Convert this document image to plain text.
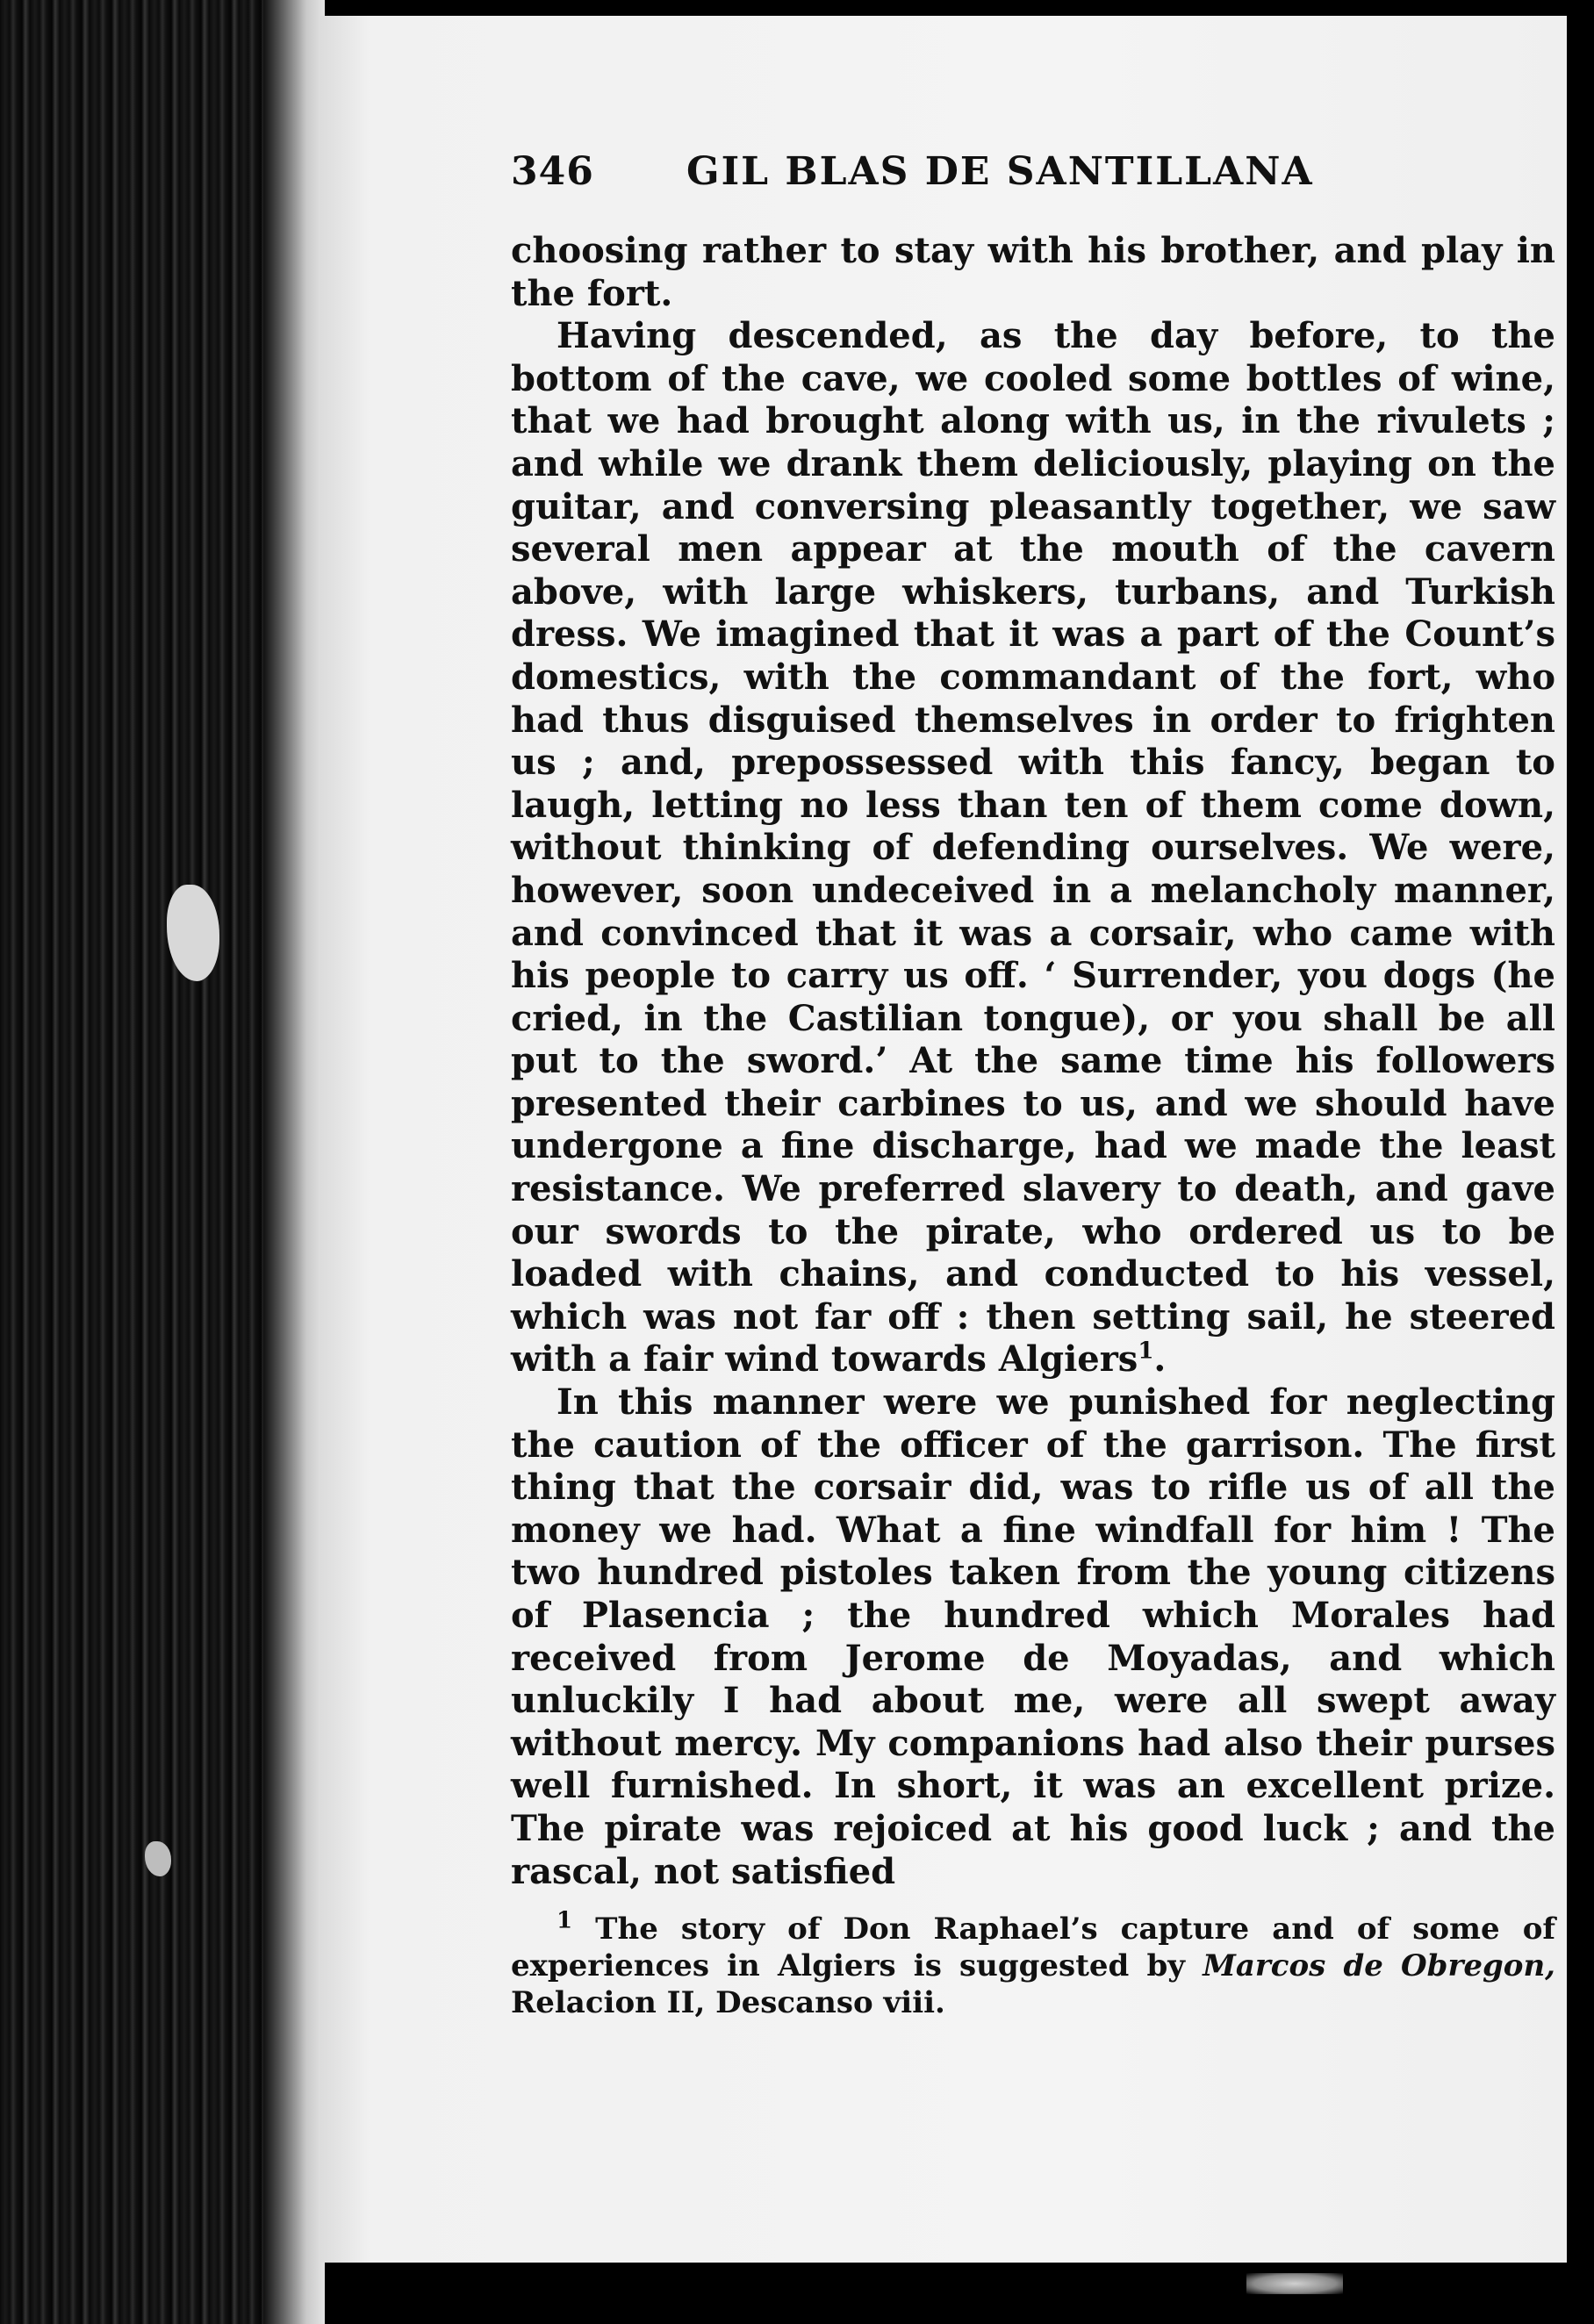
346	GIL BLAS DE SANTILLANA

choosing rather to stay with his brother, and play in the fort.

Having descended, as the day before, to the bottom of the cave, we cooled some bottles of wine, that we had brought along with us, in the rivulets ; and while we drank them deliciously, playing on the guitar, and conversing pleasantly together, we saw several men appear at the mouth of the cavern above, with large whiskers, turbans, and Turkish dress. We imagined that it was a part of the Count’s domestics, with the commandant of the fort, who had thus disguised themselves in order to frighten us ; and, prepossessed with this fancy, began to laugh, letting no less than ten of them come down, without thinking of defending ourselves. We were, however, soon undeceived in a melancholy manner, and convinced that it was a corsair, who came with his people to carry us off. ‘ Surrender, you dogs (he cried, in the Castilian tongue), or you shall be all put to the sword.’ At the same time his followers presented their carbines to us, and we should have undergone a fine discharge, had we made the least resistance. We preferred slavery to death, and gave our swords to the pirate, who ordered us to be loaded with chains, and conducted to his vessel, which was not far off : then setting sail, he steered with a fair wind towards Algiers$^1$.

In this manner were we punished for neglecting the caution of the officer of the garrison. The first thing that the corsair did, was to rifle us of all the money we had. What a fine windfall for him ! The two hundred pistoles taken from the young citizens of Plasencia ; the hundred which Morales had received from Jerome de Moyadas, and which unluckily I had about me, were all swept away without mercy. My companions had also their purses well furnished. In short, it was an excellent prize. The pirate was rejoiced at his good luck ; and the rascal, not satisfied

$^1$ The story of Don Raphael’s capture and of some of experiences in Algiers is suggested by Marcos de Obregon, Relacion II, Descanso viii.
